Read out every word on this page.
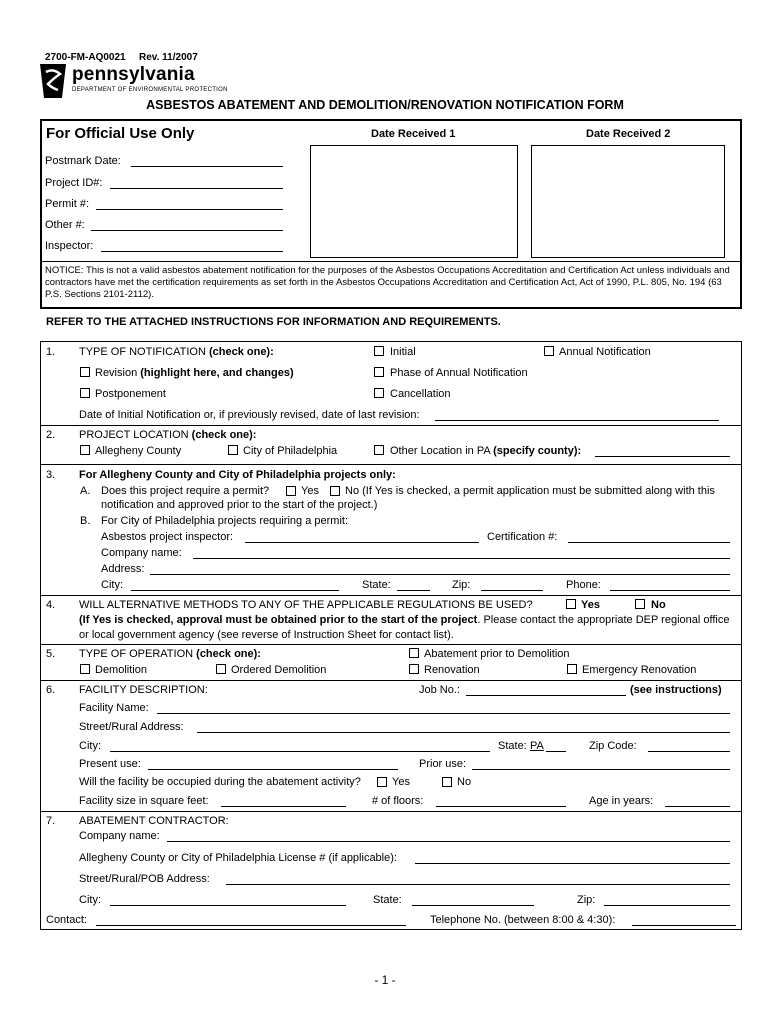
2700-FM-AQ0021 Rev. 11/2007
pennsylvania
DEPARTMENT OF ENVIRONMENTAL PROTECTION
ASBESTOS ABATEMENT AND DEMOLITION/RENOVATION NOTIFICATION FORM
For Official Use Only	Date Received 1	Date Received 2
Postmark Date:
Project ID#:
Permit #:
Other #:
Inspector:
NOTICE: This is not a valid asbestos abatement notification for the purposes of the Asbestos Occupations Accreditation and Certification Act unless individuals and contractors have met the certification requirements as set forth in the Asbestos Occupations Accreditation and Certification Act, Act of 1990, P.L. 805, No. 194 (63 P.S. Sections 2101-2112).
REFER TO THE ATTACHED INSTRUCTIONS FOR INFORMATION AND REQUIREMENTS.
1. TYPE OF NOTIFICATION (check one):	Initial	Annual Notification
Revision (highlight here, and changes)	Phase of Annual Notification
Postponement	Cancellation
Date of Initial Notification or, if previously revised, date of last revision:
2. PROJECT LOCATION (check one):
Allegheny County	City of Philadelphia	Other Location in PA (specify county):
3. For Allegheny County and City of Philadelphia projects only:
A. Does this project require a permit?	Yes No (If Yes is checked, a permit application must be submitted along with this
notification and approved prior to the start of the project.)
B. For City of Philadelphia projects requiring a permit:
Asbestos project inspector:	Certification #:
Company name:
Address:
City:	State:	Zip:	Phone:
4. WILL ALTERNATIVE METHODS TO ANY OF THE APPLICABLE REGULATIONS BE USED?	Yes	No
(If Yes is checked, approval must be obtained prior to the start of the project. Please contact the appropriate DEP regional office or local government agency (see reverse of Instruction Sheet for contact list).
5. TYPE OF OPERATION (check one):	Abatement prior to Demolition
Demolition	Ordered Demolition	Renovation	Emergency Renovation
6. FACILITY DESCRIPTION:	Job No.:	(see instructions)
Facility Name:
Street/Rural Address:
City:	State: PA	Zip Code:
Present use:	Prior use:
Will the facility be occupied during the abatement activity?	Yes	No
Facility size in square feet:	# of floors:	Age in years:
7. ABATEMENT CONTRACTOR:
Company name:
Allegheny County or City of Philadelphia License # (if applicable):
Street/Rural/POB Address:
City:	State:	Zip:
Contact:	Telephone No. (between 8:00 & 4:30):
- 1 -
